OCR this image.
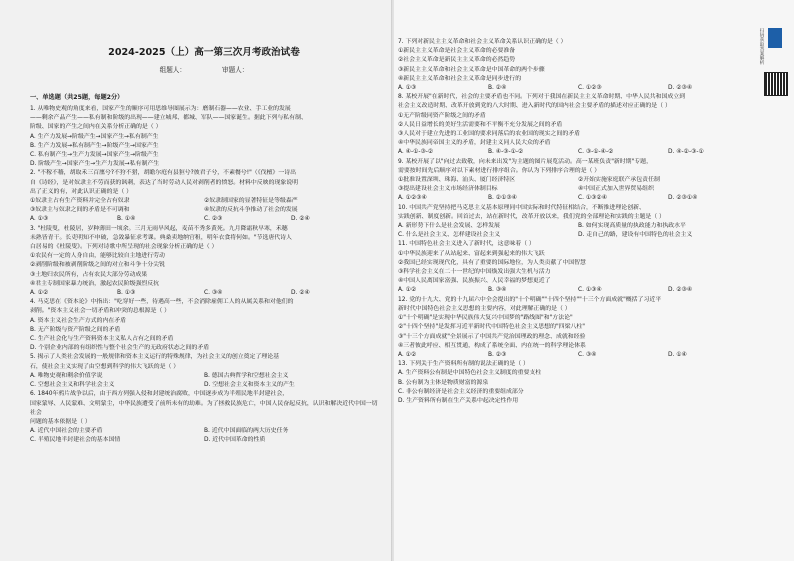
2024-2025（上）高一第三次月考政治试卷
组题人：	审题人：
一、单选题（共25题，每题2分）

1. 从唯物史观的角度来看，国家产生的顺序可用思维导图展示为：磨制石器——农业、手工业的发展

——剩余产品产生——私有制和阶级的出现——建立城邦、都城、军队——国家诞生。据此下列与私有制、

阶级、国家的产生之间内在关系分析正确的是（ ）

A. 生产力发展→阶级产生→国家产生→私有制产生
B. 生产力发展→私有制产生→阶级产生→国家产生
C. 私有制产生→生产力发展→国家产生→阶级产生
D. 阶级产生→国家产生→生产力发展→私有制产生

2. "不稼不穑，胡取禾三百廛兮?不狩不猎，胡瞻尔庭有县貆兮?彼君子兮，不素餐兮!"（《伐檀》一诗出

自《诗经》，是对奴隶主不劳而获的讽刺，表达了当时劳动人民对剥削者的愤怒。材料中反映的现象说明

出了正义的有，对此认识正确的是（ ）

①奴隶主占有生产资料并完全占有奴隶	②奴隶制国家的显著特征是等级森严
③奴隶主与奴隶之间的矛盾是不可调和	④奴隶的反抗斗争推动了社会的发展
A. ①③	B. ①④	C. ②③	D. ②④

3. "杜陵叟，杜陵居，岁种薄田一顷余。三月无雨旱风起，麦苗不秀多黄死。九月降霜秋早寒，禾穗

未熟皆青干。长吏明知不申破，急敛暴征求考课。典桑卖地纳官租，明年衣食将何如。"节选唐代诗人

白居易的《杜陵叟》。下列对诗歌中所呈现的社会现象分析正确的是（ ）

①农民有一定的人身自由，能够比较自主地进行劳动
②剥削阶级和被剥削阶级之间的对立和斗争十分尖锐
③土地归农民所有，占有农民大部分劳动成果
④君主专制国家暴力统治，激起农民阶级强烈反抗
A. ①②	B. ①③	C. ③④	D. ②④

4. 马克思在《资本论》中指出："吃穿好一些，待遇高一些，不会消除雇佣工人的从属关系和对他们的

剥削。"资本主义社会一切矛盾和冲突的总根源是（ ）

A. 资本主义社会生产方式的内在矛盾
B. 无产阶级与资产阶级之间的矛盾
C. 生产社会化与生产资料资本主义私人占有之间的矛盾
D. 个别企业内部的有组织性与整个社会生产的无政府状态之间的矛盾

5. 揭示了人类社会发展的一般规律和资本主义运行的特殊规律，为社会主义的创立奠定了理论基

石，使社会主义实现了由空想到科学的伟大飞跃的是（ ）

A. 唯物史观和剩余价值学说	B. 德国古典哲学和空想社会主义
C. 空想社会主义和科学社会主义	D. 空想社会主义和资本主义的产生

6. 1840年鸦片战争以后，由于西方列强入侵和封建统治腐败，中国逐步成为半殖民地半封建社会，

国家蒙辱、人民蒙难、文明蒙尘，中华民族遭受了前所未有的劫难。为了拯救民族危亡，中国人民奋起反抗，认识和解决近代中国一切社会

问题的基本依据是（ ）

A. 近代中国社会的主要矛盾	B. 近代中国面临的两大历史任务
C. 半殖民地半封建社会的基本国情	D. 近代中国革命的性质
扫码获取答案解析

7. 下列对新民主主义革命和社会主义革命关系认识正确的是（ ）

①新民主主义革命是社会主义革命的必要准备
②社会主义革命是新民主主义革命的必然趋势
③新民主主义革命和社会主义革命是中国革命的两个步骤
④新民主主义革命和社会主义革命是同步进行的
A. ①③	B. ②④	C. ①②③	D. ②③④

8. 某校开展"在新时代，社会的主要矛盾也不同。下列对于我国在新民主主义革命时期、中华人民共和国成立到

社会主义改造时期、改革开放到党的八大时期、进入新时代的国内社会主要矛盾的描述对应正确的是（ ）

①无产阶级同资产阶级之间的矛盾
②人民日益增长的美好生活需要和不平衡不充分发展之间的矛盾
③人民对于建立先进的工业国的要求同落后的农业国的现实之间的矛盾
④中华民族同帝国主义的矛盾，封建主义同人民大众的矛盾
A. ④-①-③-②	B. ④-③-①-②	C. ③-①-④-②	D. ④-②-③-①

9. 某校开展了以"向过去致敬，向未来出发"为主题的图片展览活动。高一某班负责"新时期"专题，

需要按时间先后顺序对以下素材进行排序组合。你认为下列排序合理的是（ ）

①批准设置深圳、珠海、汕头、厦门经济特区	②开始实施家庭联产承包责任制
③提出建设社会主义市场经济体制目标	④中国正式加入世界贸易组织
A. ①②③④	B. ②①③④	C. ①③②④	D. ②③①④

10. 中国共产党坚持把马克思主义基本原理同中国实际和时代特征相结合，不断推进理论创新、

实践创新、制度创新。回首过去，站在新时代，改革开放以来，我们党的全部理论和实践的主题是（ ）

A. 新形势下什么是社会发展、怎样发展	B. 如何实现高质量的执政能力和执政水平
C. 什么是社会主义、怎样建设社会主义	D. 走自己的路，建设有中国特色的社会主义

11. 中国特色社会主义进入了新时代，这意味着（ ）

①中华民族迎来了从站起来、富起来到强起来的伟大飞跃
②我国已经实现现代化，具有了重要的国际地位，为人类贡献了中国智慧
③科学社会主义在二十一世纪的中国焕发出强大生机与活力
④中国人民离国家富强、民族振兴、人民幸福的梦想更近了
A. ①②	B. ③④	C. ①③④	D. ②③④

12. 党的十九大、党的十九届六中全会提出的"十个明确""十四个坚持""十三个方面成就"概括了习近平

新时代中国特色社会主义思想的主要内容，对此理解正确的是（ ）

①"十个明确"是实现中华民族伟大复兴中国梦的"路线图"和"方法论"
②"十四个坚持"是发挥习近平新时代中国特色社会主义思想的"四梁八柱"
③"十三个方面成就"全景展示了中国共产党治国理政的理念、成就和经验
④三者彼此呼应、相互贯通，构成了系统全面、内在统一的科学理论体系
A. ①②	B. ②③	C. ③④	D. ①④

13. 下列关于生产资料所有制的说法正确的是（ ）

A. 生产资料公有制是中国特色社会主义制度的重要支柱
B. 公有制为主体是物质财富的源泉
C. 非公有制经济是社会主义经济的重要组成部分
D. 生产资料所有制在生产关系中起决定性作用
